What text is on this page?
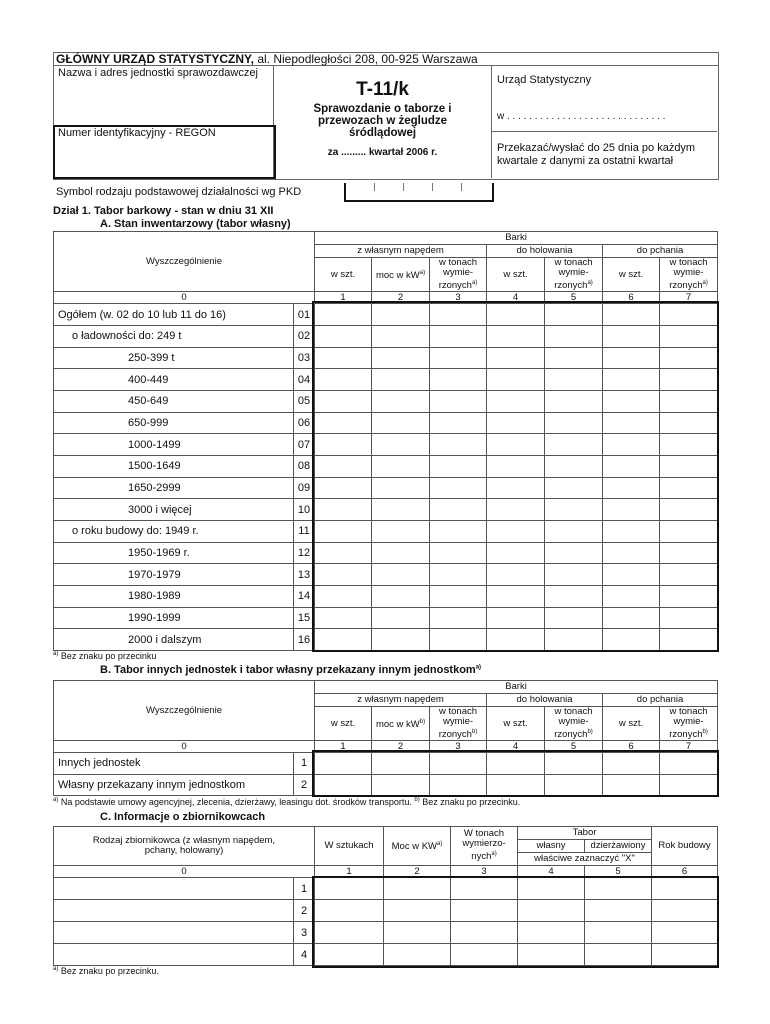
GŁÓWNY URZĄD STATYSTYCZNY, al. Niepodległości 208, 00-925 Warszawa
Nazwa i adres jednostki sprawozdawczej
Numer identyfikacyjny - REGON
T-11/k
Sprawozdanie o taborze i przewozach w żegludze śródlądowej
za ......... kwartał 2006 r.
Urząd Statystyczny
w . . . . . . . . . . . . . . . . . . . . . . . . . . . . .
Przekazać/wysłać do 25 dnia po każdym kwartale z danymi za ostatni kwartał
Symbol rodzaju podstawowej działalności wg PKD
Dział 1. Tabor barkowy - stan w dniu 31 XII
A. Stan inwentarzowy (tabor własny)
Wyszczególnienie		Barki						
		z własnym napędem			do holowania		do pchania	
		w szt.	moc w $kW^{a)}$	w tonach wymie-rzonych$^{a)}$	w szt.	w tonach wymie-rzonych$^{a)}$	w szt.	w tonach wymie-rzonych$^{a)}$
0		1	2	3	4	5	6	7
Ogółem (w. 02 do 10 lub 11 do 16)	01							
o ładowności do: 249 t	02							
250-399 t	03							
400-449	04							
450-649	05							
650-999	06							
1000-1499	07							
1500-1649	08							
1650-2999	09							
3000 i więcej	10							
o roku budowy do: 1949 r.	11							
1950-1969 r.	12							
1970-1979	13							
1980-1989	14							
1990-1999	15							
2000 i dalszym	16							
$^{a)}$ Bez znaku po przecinku
B. Tabor innych jednostek i tabor własny przekazany innym jednostkom$^{a)}$
Wyszczególnienie		Barki						
		z własnym napędem			do holowania		do pchania	
		w szt.	moc w $kW^{b)}$	w tonach wymie-rzonych$^{b)}$	w szt.	w tonach wymie-rzonych$^{b)}$	w szt.	w tonach wymie-rzonych$^{b)}$
0		1	2	3	4	5	6	7
Innych jednostek	1							
Własny przekazany innym jednostkom	2							
$^{a)}$ Na podstawie umowy agencyjnej, zlecenia, dzierżawy, leasingu dot. środków transportu. $^{b)}$ Bez znaku po przecinku.
C. Informacje o zbiornikowcach
Rodzaj zbiornikowca (z własnym napędem, pchany, holowany)		W sztukach	Moc w KW$^{a)}$	W tonach wymierzo-nych$^{a)}$	Tabor		Rok budowy
					własny	dzierżawiony	
					właściwe zaznaczyć "X"		
0		1	2	3	4	5	6
	1						
	2						
	3						
	4						
$^{a)}$ Bez znaku po przecinku.
